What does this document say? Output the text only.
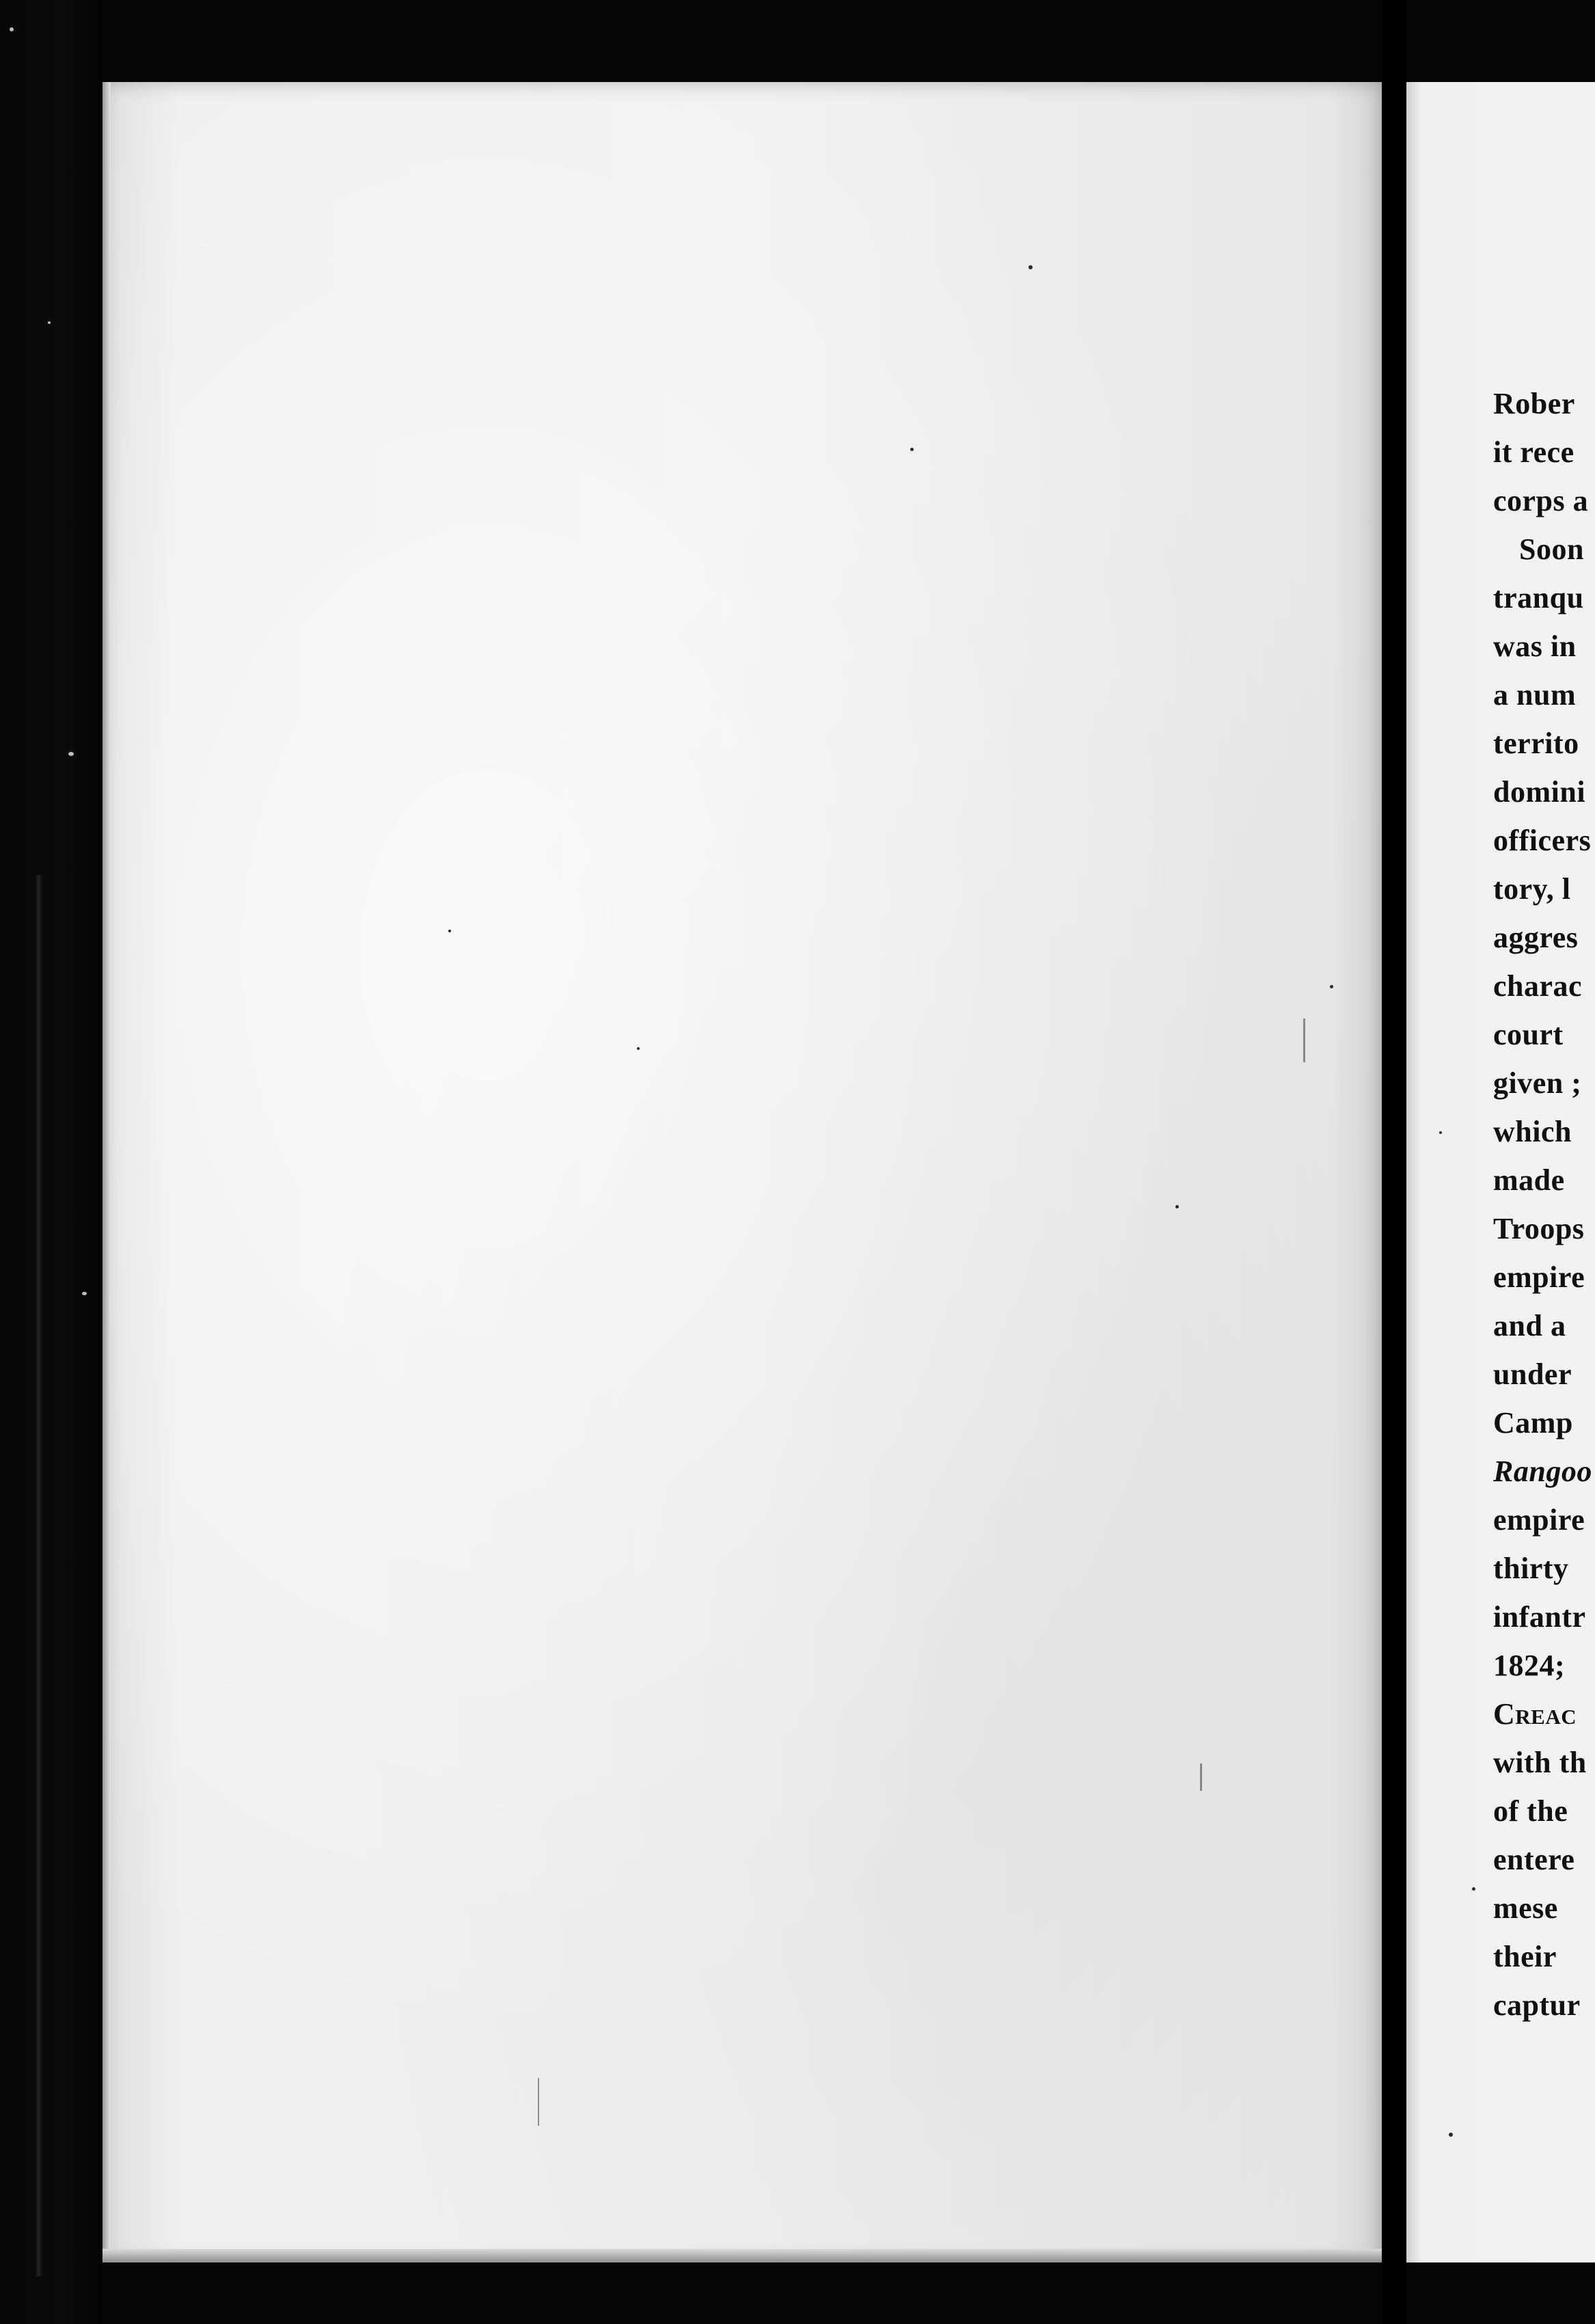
Rober
it rece
corps a
Soon
tranqu
was in
a num
territo
domini
officers
tory, l
aggres
charac
court
given ;
which
made
Troops
empire
and a
under
Camp
Rangoo
empire
thirty
infantr
1824;
Creac
with th
of the
entere
mese
their
captur
